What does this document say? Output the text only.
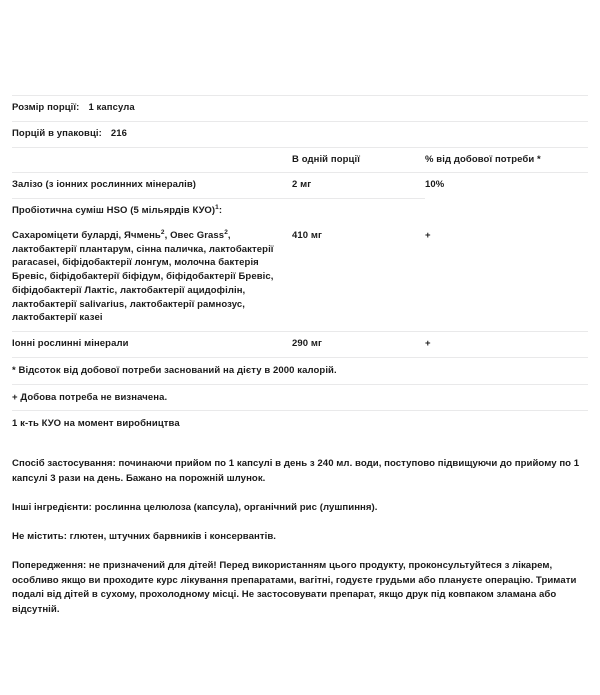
Розмір порції: 1 капсула		
Порцій в упаковці: 216		
	В одній порції	% від добової потреби *
Залізо (з іонних рослинних мінералів)	2 мг	10%
Пробіотична суміш HSO (5 мільярдів КУО)$^1$:		
Сахароміцети буларді, Ячмень$^2$, Овес Grass$^2$, лактобактерії плантарум, сінна паличка, лактобактерії paracasei, біфідобактерії лонгум, молочна бактерія Бревіс, біфідобактерії біфідум, біфідобактерії Бревіс, біфідобактерії Лактіс, лактобактерії ацидофілін, лактобактерії salivarius, лактобактерії рамнозус, лактобактерії казеі	410 мг	+
Іонні рослинні мінерали	290 мг	+
* Відсоток від добової потреби заснований на дієту в 2000 калорій.		
+ Добова потреба не визначена.		
1 к-ть КУО на момент виробництва		

Спосіб застосування: починаючи прийом по 1 капсулі в день з 240 мл. води, поступово підвищуючи до прийому по 1 капсулі 3 рази на день. Бажано на порожній шлунок.

Інші інгредієнти: рослинна целюлоза (капсула), органічний рис (лушпиння).

Не містить: глютен, штучних барвників і консервантів.

Попередження: не призначений для дітей! Перед використанням цього продукту, проконсультуйтеся з лікарем, особливо якщо ви проходите курс лікування препаратами, вагітні, годуєте грудьми або плануєте операцію. Тримати подалі від дітей в сухому, прохолодному місці. Не застосовувати препарат, якщо друк під ковпаком зламана або відсутній.
